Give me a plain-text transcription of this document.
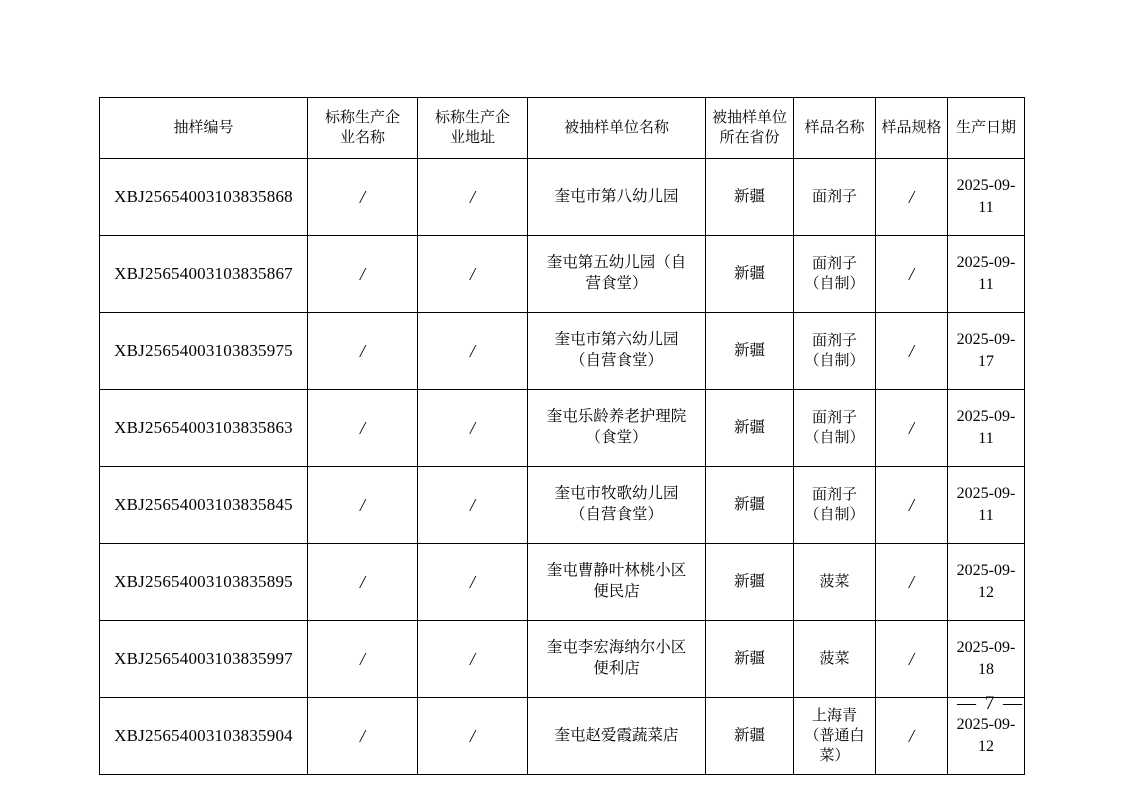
抽样编号	标称生产企
业名称	标称生产企
业地址	被抽样单位名称	被抽样单位
所在省份	样品名称	样品规格	生产日期

XBJ25654003103835868	/	/	奎屯市第八幼儿园	新疆	面剂子	/	2025-09-
11

XBJ25654003103835867	/	/	奎屯第五幼儿园（自
营食堂）	新疆	面剂子
（自制）	/	2025-09-
11

XBJ25654003103835975	/	/	奎屯市第六幼儿园
（自营食堂）	新疆	面剂子
（自制）	/	2025-09-
17

XBJ25654003103835863	/	/	奎屯乐龄养老护理院
（食堂）	新疆	面剂子
（自制）	/	2025-09-
11

XBJ25654003103835845	/	/	奎屯市牧歌幼儿园
（自营食堂）	新疆	面剂子
（自制）	/	2025-09-
11

XBJ25654003103835895	/	/	奎屯曹静叶林桃小区
便民店	新疆	菠菜	/	2025-09-
12

XBJ25654003103835997	/	/	奎屯李宏海纳尔小区
便利店	新疆	菠菜	/	2025-09-
18

XBJ25654003103835904	/	/	奎屯赵爱霞蔬菜店	新疆	上海青
（普通白
菜）	/	2025-09-
12
— 7 —
